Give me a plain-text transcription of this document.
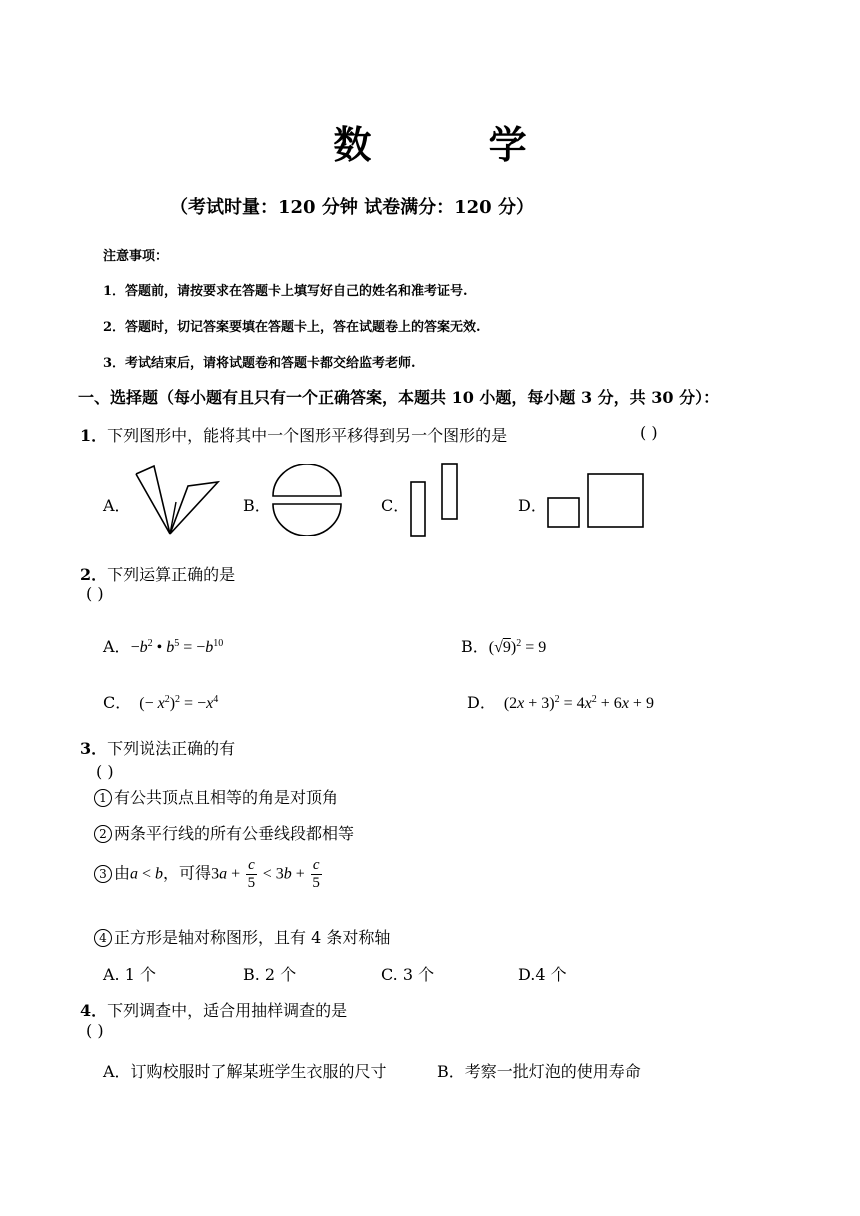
数 学
（考试时量：120 分钟 试卷满分：120 分）
注意事项：
1．答题前，请按要求在答题卡上填写好自己的姓名和准考证号.
2．答题时，切记答案要填在答题卡上，答在试题卷上的答案无效.
3．考试结束后，请将试题卷和答题卡都交给监考老师.
一、选择题（每小题有且只有一个正确答案，本题共 10 小题，每小题 3 分，共 30 分）：
1．下列图形中，能将其中一个图形平移得到另一个图形的是	( )
A．	B．	C．	D．
2．下列运算正确的是
( )
A．$-b^2$ • $b^5 = -b^{10}$	B．$(√9)^2 = 9$
C．  (− $x^2)^2 = -x^4$	D．  $(2x + 3)^2 = 4x^2 + 6x + 9$
3．下列说法正确的有
( )
1 有公共顶点且相等的角是对顶角
2 两条平行线的所有公垂线段都相等
3 由a < b，可得$3a + \frac{c}{5} < 3b + \frac{c}{5}$
4 正方形是轴对称图形，且有 4 条对称轴
A. 1 个	B. 2 个	C. 3 个	D.4 个
4．下列调查中，适合用抽样调查的是
( )
A．订购校服时了解某班学生衣服的尺寸	B．考察一批灯泡的使用寿命
